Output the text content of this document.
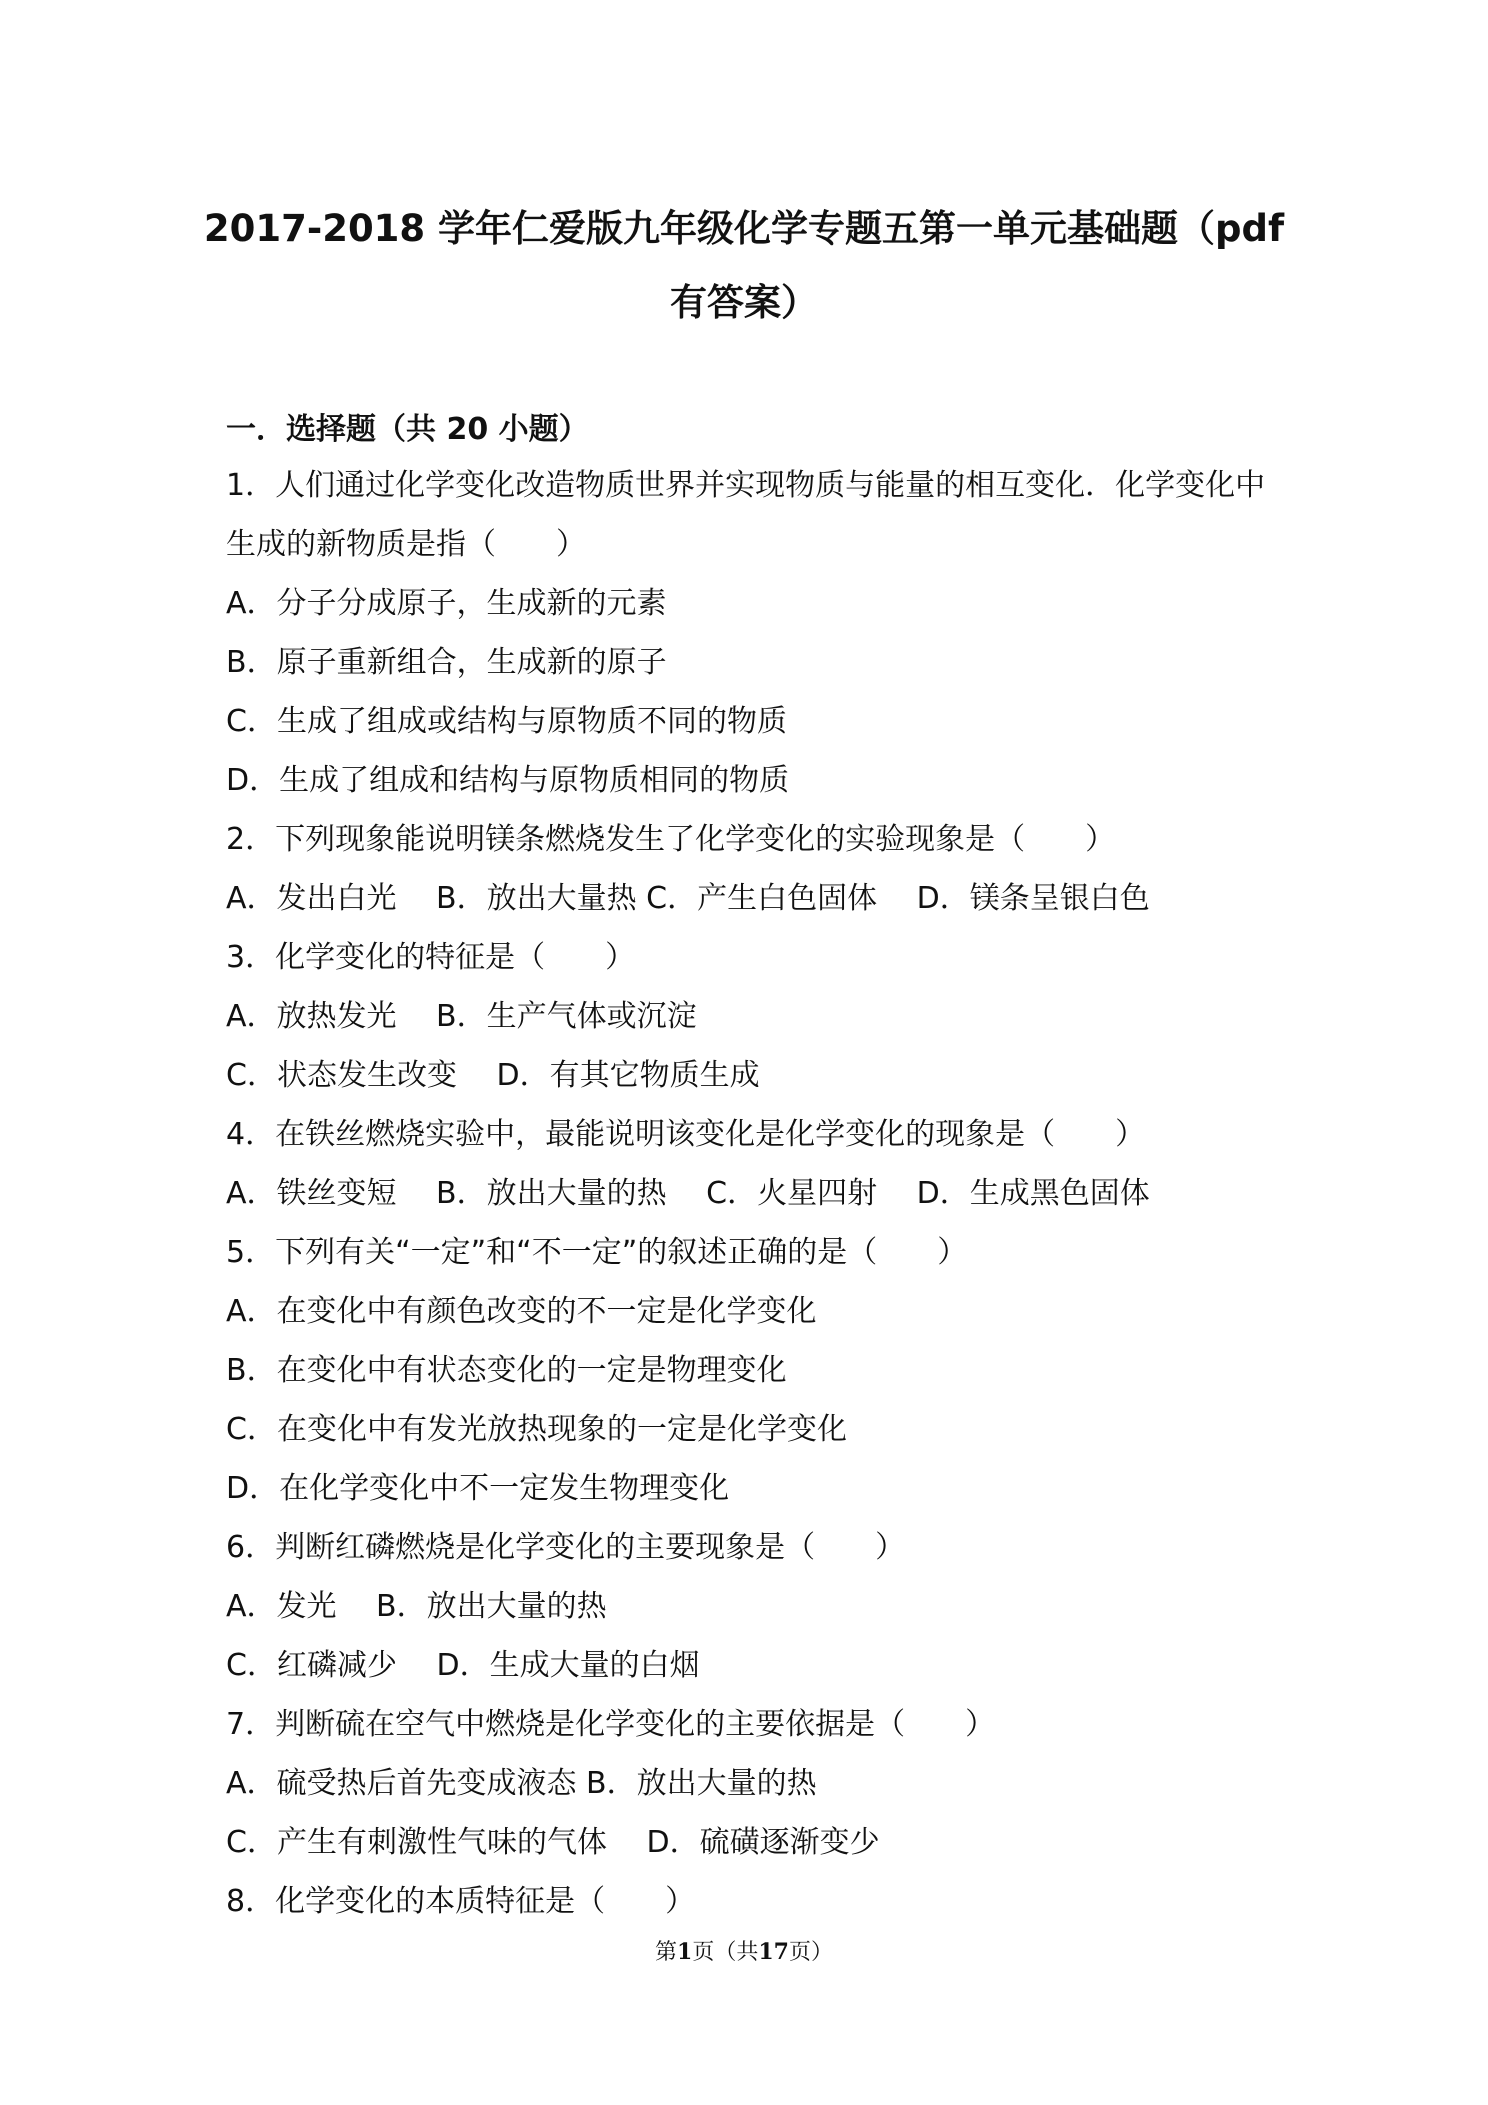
2017-2018 学年仁爱版九年级化学专题五第一单元基础题（pdf
有答案）
一．选择题（共 20 小题）
1．人们通过化学变化改造物质世界并实现物质与能量的相互变化．化学变化中
生成的新物质是指（　　）
A．分子分成原子，生成新的元素
B．原子重新组合，生成新的原子
C．生成了组成或结构与原物质不同的物质
D．生成了组成和结构与原物质相同的物质
2．下列现象能说明镁条燃烧发生了化学变化的实验现象是（　　）
A．发出白光　 B．放出大量热 C．产生白色固体　 D．镁条呈银白色
3．化学变化的特征是（　　）
A．放热发光　 B．生产气体或沉淀
C．状态发生改变　 D．有其它物质生成
4．在铁丝燃烧实验中，最能说明该变化是化学变化的现象是（　　）
A．铁丝变短　 B．放出大量的热　 C．火星四射　 D．生成黑色固体
5．下列有关“一定”和“不一定”的叙述正确的是（　　）
A．在变化中有颜色改变的不一定是化学变化
B．在变化中有状态变化的一定是物理变化
C．在变化中有发光放热现象的一定是化学变化
D．在化学变化中不一定发生物理变化
6．判断红磷燃烧是化学变化的主要现象是（　　）
A．发光　 B．放出大量的热
C．红磷减少　 D．生成大量的白烟
7．判断硫在空气中燃烧是化学变化的主要依据是（　　）
A．硫受热后首先变成液态 B．放出大量的热
C．产生有刺激性气味的气体　 D．硫磺逐渐变少
8．化学变化的本质特征是（　　）
第1页（共17页）
